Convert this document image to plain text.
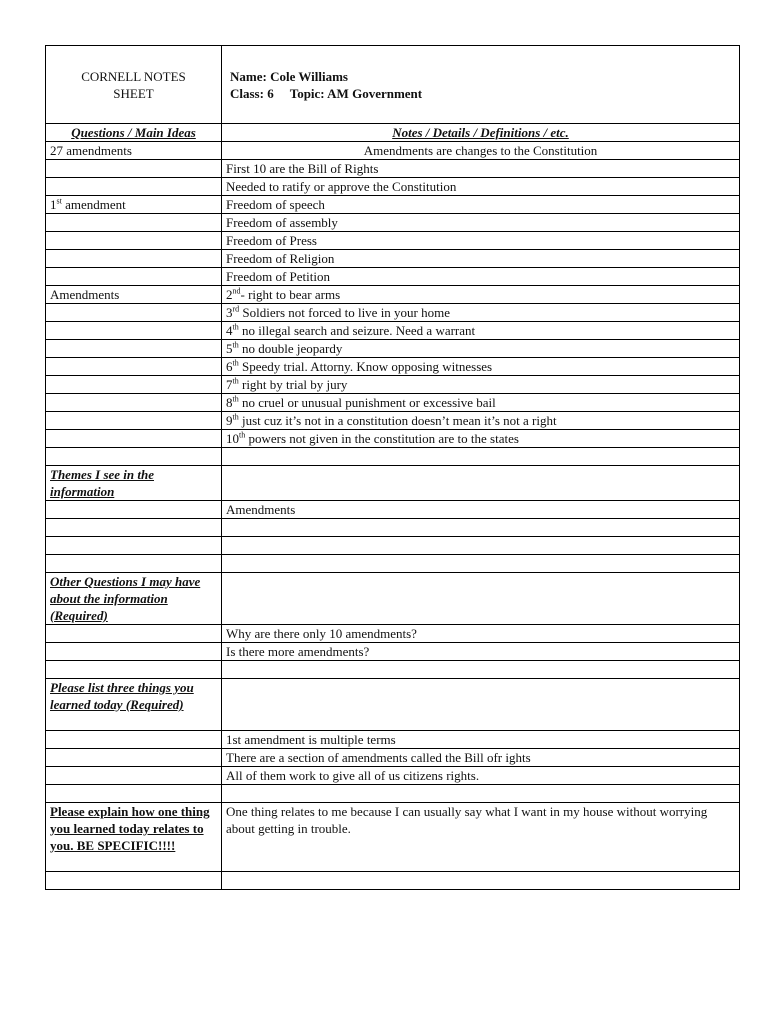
CORNELL NOTES
SHEET	Name: Cole Williams
Class: 6 Topic: AM Government
Questions / Main Ideas	Notes / Details / Definitions / etc.
27 amendments	Amendments are changes to the Constitution
	First 10 are the Bill of Rights
	Needed to ratify or approve the Constitution
1st amendment	Freedom of speech
	Freedom of assembly
	Freedom of Press
	Freedom of Religion
	Freedom of Petition
Amendments	2nd- right to bear arms
	3rd Soldiers not forced to live in your home
	4th no illegal search and seizure. Need a warrant
	5th no double jeopardy
	6th Speedy trial. Attorny. Know opposing witnesses
	7th right by trial by jury
	8th no cruel or unusual punishment or excessive bail
	9th just cuz it’s not in a constitution doesn’t mean it’s not a right
	10th powers not given in the constitution are to the states

Themes I see in the information	
	Amendments

Other Questions I may have about the information (Required)	
	Why are there only 10 amendments?
	Is there more amendments?

Please list three things you learned today (Required)	
	1st amendment is multiple terms
	There are a section of amendments called the Bill ofr ights
	All of them work to give all of us citizens rights.

Please explain how one thing you learned today relates to you. BE SPECIFIC!!!!	One thing relates to me because I can usually say what I want in my house without worrying about getting in trouble.
